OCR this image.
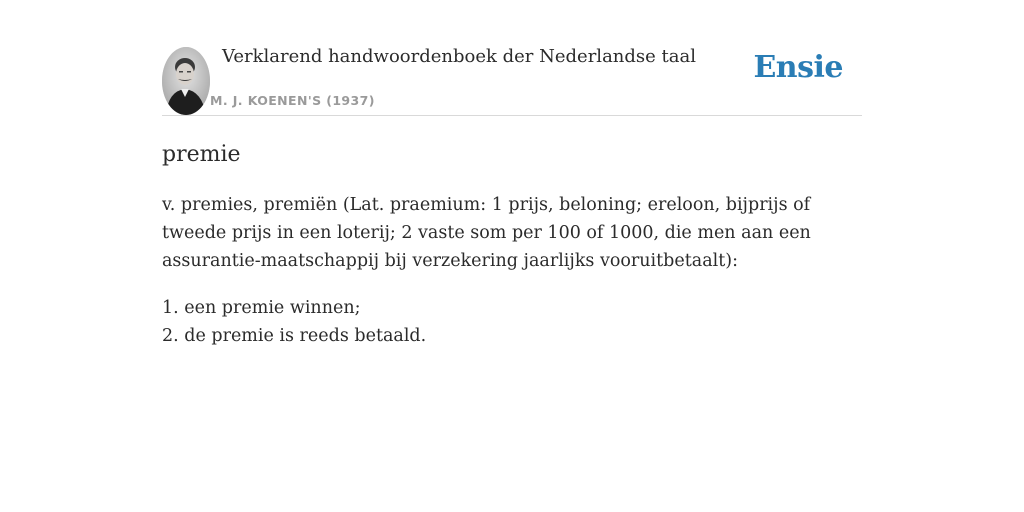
Verklarend handwoordenboek der Nederlandse taal
M. J. KOENEN'S (1937)
Ensie
premie

v. premies, premiën (Lat. praemium: 1 prijs, beloning; ereloon, bijprijs of tweede prijs in een loterij; 2 vaste som per 100 of 1000, die men aan een assurantie-maatschappij bij verzekering jaarlijks vooruitbetaalt):

1. een premie winnen;
2. de premie is reeds betaald.
